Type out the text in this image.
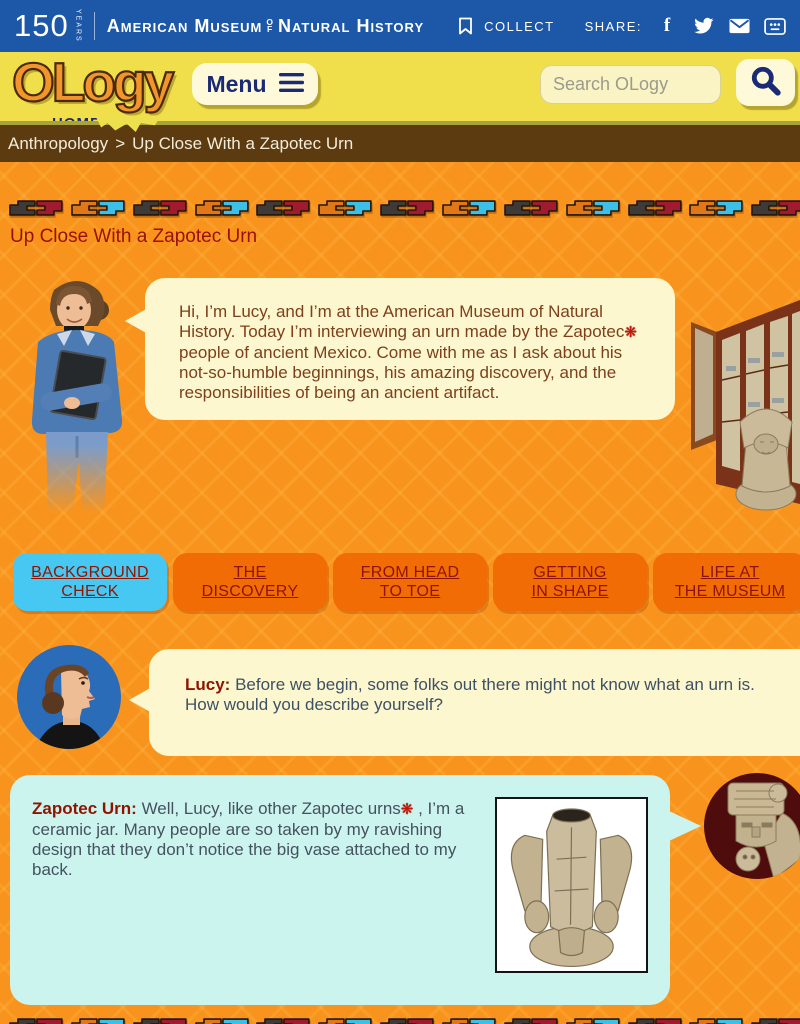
150 YEARS American Museum O
F Natural History	COLLECT SHARE: f
OLogy Menu
Search OLogy
Anthropology > Up Close With a Zapotec Urn
Up Close With a Zapotec Urn
Hi, I’m Lucy, and I’m at the American Museum of Natural History. Today I’m interviewing an urn made by the Zapotec❋ people of ancient Mexico. Come with me as I ask about his not-so-humble beginnings, his amazing discovery, and the responsibilities of being an ancient artifact.
BACKGROUND
CHECK
THE
DISCOVERY
FROM HEAD
TO TOE
GETTING
IN SHAPE
LIFE AT
THE MUSEUM
Lucy: Before we begin, some folks out there might not know what an urn is. How would you describe yourself?

Zapotec Urn: Well, Lucy, like other Zapotec urns❋ , I’m a ceramic jar. Many people are so taken by my ravishing design that they don’t notice the big vase attached to my back.
